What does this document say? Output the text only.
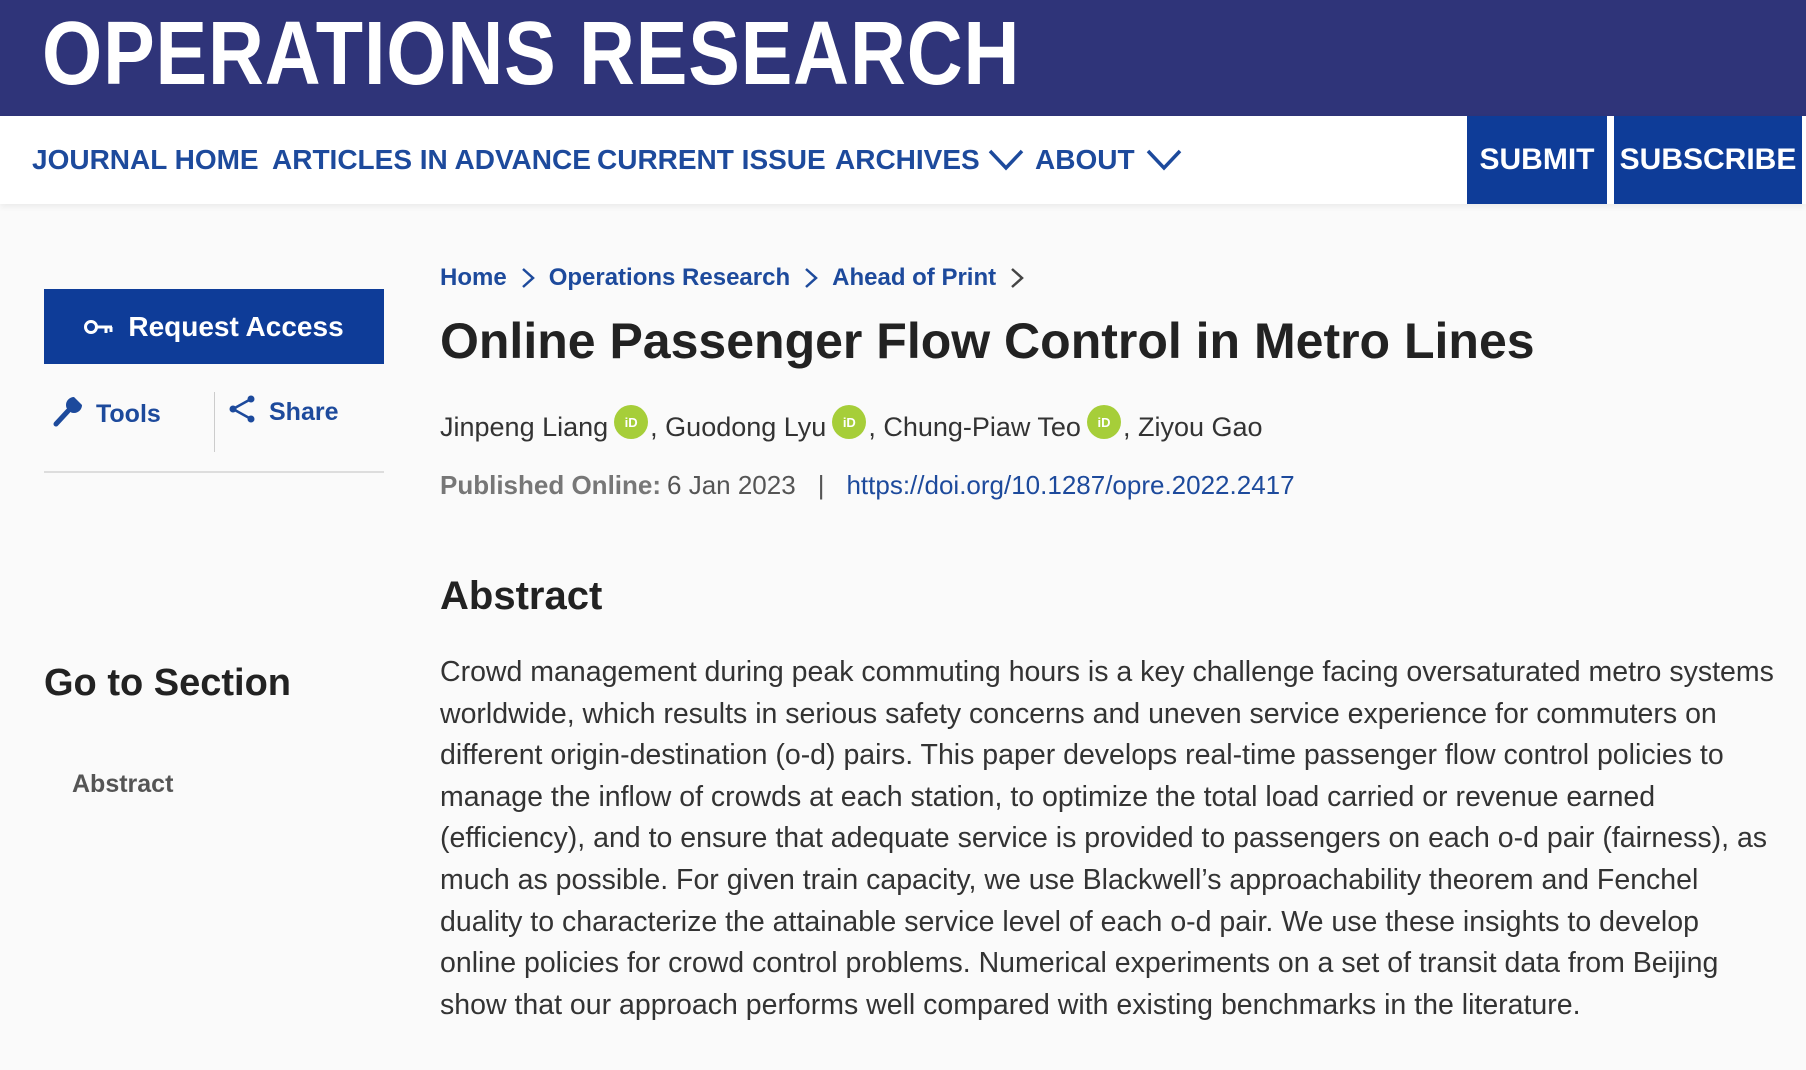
OPERATIONS RESEARCH
JOURNAL HOME ARTICLES IN ADVANCE CURRENT ISSUE ARCHIVES ABOUT	SUBMIT SUBSCRIBE
Request Access
Tools	Share
Go to Section
Abstract
Home Operations Research Ahead of Print
Online Passenger Flow Control in Metro Lines
Jinpeng Liang	iD , Guodong Lyu	iD , Chung-Piaw Teo	iD , Ziyou Gao
Published Online: 6 Jan 2023 | https://doi.org/10.1287/opre.2022.2417
Abstract

Crowd management during peak commuting hours is a key challenge facing oversaturated metro systems worldwide, which results in serious safety concerns and uneven service experience for commuters on different origin-destination (o-d) pairs. This paper develops real-time passenger flow control policies to manage the inflow of crowds at each station, to optimize the total load carried or revenue earned (efficiency), and to ensure that adequate service is provided to passengers on each o-d pair (fairness), as much as possible. For given train capacity, we use Blackwell’s approachability theorem and Fenchel duality to characterize the attainable service level of each o-d pair. We use these insights to develop online policies for crowd control problems. Numerical experiments on a set of transit data from Beijing show that our approach performs well compared with existing benchmarks in the literature.
